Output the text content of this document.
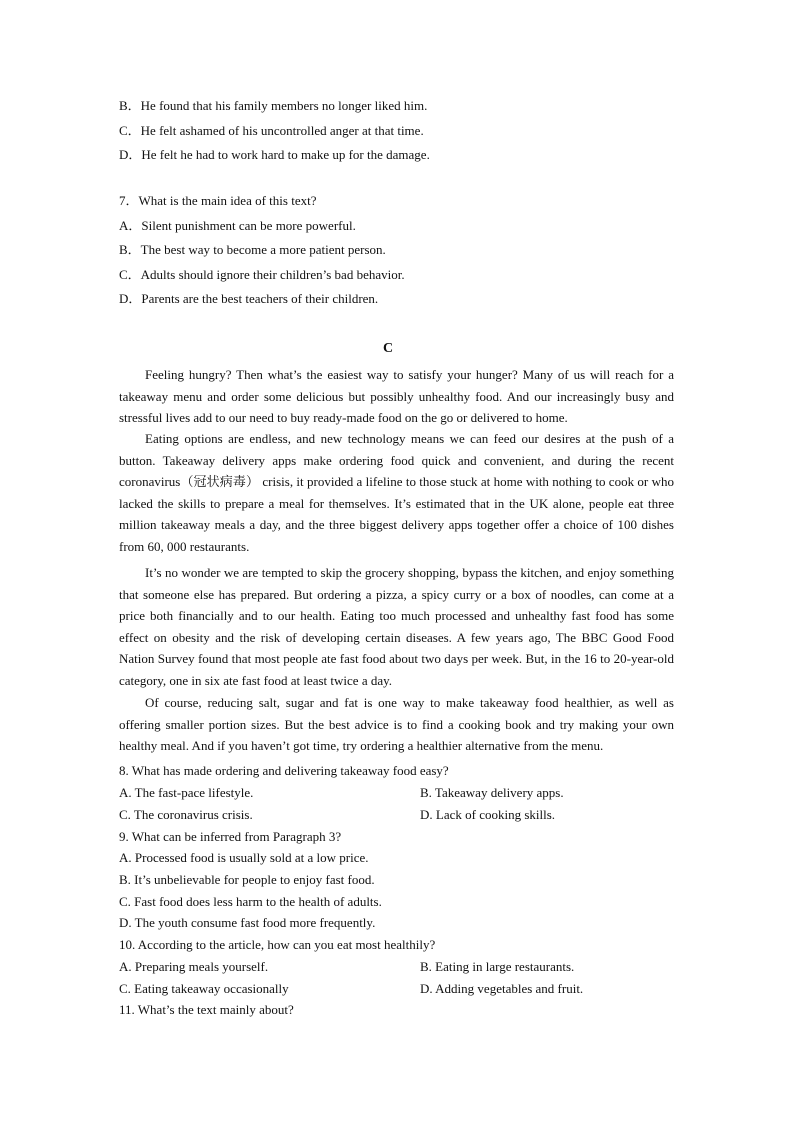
B．He found that his family members no longer liked him.
C．He felt ashamed of his uncontrolled anger at that time.
D．He felt he had to work hard to make up for the damage.
7．What is the main idea of this text?
A．Silent punishment can be more powerful.
B．The best way to become a more patient person.
C．Adults should ignore their children’s bad behavior.
D．Parents are the best teachers of their children.
C

Feeling hungry? Then what’s the easiest way to satisfy your hunger? Many of us will reach for a takeaway menu and order some delicious but possibly unhealthy food. And our increasingly busy and stressful lives add to our need to buy ready-made food on the go or delivered to home.

Eating options are endless, and new technology means we can feed our desires at the push of a button. Takeaway delivery apps make ordering food quick and convenient, and during the recent coronavirus（冠状病毒） crisis, it provided a lifeline to those stuck at home with nothing to cook or who lacked the skills to prepare a meal for themselves. It’s estimated that in the UK alone, people eat three million takeaway meals a day, and the three biggest delivery apps together offer a choice of 100 dishes from 60, 000 restaurants.

It’s no wonder we are tempted to skip the grocery shopping, bypass the kitchen, and enjoy something that someone else has prepared. But ordering a pizza, a spicy curry or a box of noodles, can come at a price both financially and to our health. Eating too much processed and unhealthy fast food has some effect on obesity and the risk of developing certain diseases. A few years ago, The BBC Good Food Nation Survey found that most people ate fast food about two days per week. But, in the 16 to 20-year-old category, one in six ate fast food at least twice a day.

Of course, reducing salt, sugar and fat is one way to make takeaway food healthier, as well as offering smaller portion sizes. But the best advice is to find a cooking book and try making your own healthy meal. And if you haven’t got time, try ordering a healthier alternative from the menu.

8. What has made ordering and delivering takeaway food easy?
A. The fast-pace lifestyle.	B. Takeaway delivery apps.
C. The coronavirus crisis.	D. Lack of cooking skills.
9. What can be inferred from Paragraph 3?
A. Processed food is usually sold at a low price.
B. It’s unbelievable for people to enjoy fast food.
C. Fast food does less harm to the health of adults.
D. The youth consume fast food more frequently.
10. According to the article, how can you eat most healthily?
A. Preparing meals yourself.	B. Eating in large restaurants.
C. Eating takeaway occasionally	D. Adding vegetables and fruit.
11. What’s the text mainly about?
